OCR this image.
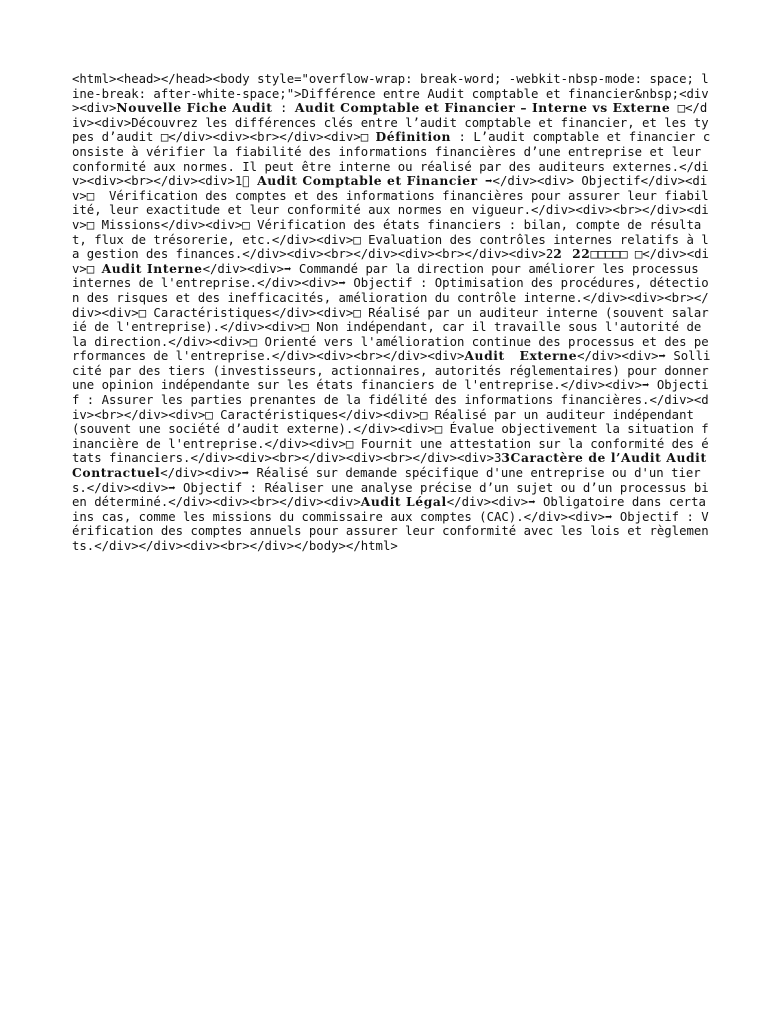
<html><head></head><body style="overflow-wrap: break-word; -webkit-nbsp-mode: space; line-break: after-white-space;">Différence entre Audit comptable et financier&nbsp;<div><div>Nouvelle Fiche Audit : Audit Comptable et Financier – Interne vs Externe □</div><div>Découvrez les différences clés entre l’audit comptable et financier, et les types d’audit □</div><div><br></div><div>□ Définition : L’audit comptable et financier consiste à vérifier la fiabilité des informations financières d’une entreprise et leur conformité aux normes. Il peut être interne ou réalisé par des auditeurs externes.</div><div><br></div><div>1⃣ Audit Comptable et Financier ➡</div><div> Objectif</div><div>□  Vérification des comptes et des informations financières pour assurer leur fiabilité, leur exactitude et leur conformité aux normes en vigueur.</div><div><br></div><div>□ Missions</div><div>□ Vérification des états financiers : bilan, compte de résultat, flux de trésorerie, etc.</div><div>□ Evaluation des contrôles internes relatifs à la gestion des finances.</div><div><br></div><div><br></div><div>22  22□□□□□ □</div><div>□ Audit Interne</div><div>➡ Commandé par la direction pour améliorer les processus internes de l'entreprise.</div><div>➡ Objectif : Optimisation des procédures, détection des risques et des inefficacités, amélioration du contrôle interne.</div><div><br></div><div>□ Caractéristiques</div><div>□ Réalisé par un auditeur interne (souvent salarié de l'entreprise).</div><div>□ Non indépendant, car il travaille sous l'autorité de la direction.</div><div>□ Orienté vers l'amélioration continue des processus et des performances de l'entreprise.</div><div><br></div><div>Audit   Externe</div><div>➡ Sollicité par des tiers (investisseurs, actionnaires, autorités réglementaires) pour donner une opinion indépendante sur les états financiers de l'entreprise.</div><div>➡ Objectif : Assurer les parties prenantes de la fidélité des informations financières.</div><div><br></div><div>□ Caractéristiques</div><div>□ Réalisé par un auditeur indépendant (souvent une société d’audit externe).</div><div>□ Évalue objectivement la situation financière de l'entreprise.</div><div>□ Fournit une attestation sur la conformité des états financiers.</div><div><br></div><div><br></div><div>33Caractère de l’Audit Audit    Contractuel</div><div>➡ Réalisé sur demande spécifique d'une entreprise ou d'un tiers.</div><div>➡ Objectif : Réaliser une analyse précise d’un sujet ou d’un processus bien déterminé.</div><div><br></div><div>Audit Légal</div><div>➡ Obligatoire dans certains cas, comme les missions du commissaire aux comptes (CAC).</div><div>➡ Objectif : Vérification des comptes annuels pour assurer leur conformité avec les lois et règlements.</div></div><div><br></div></body></html>
